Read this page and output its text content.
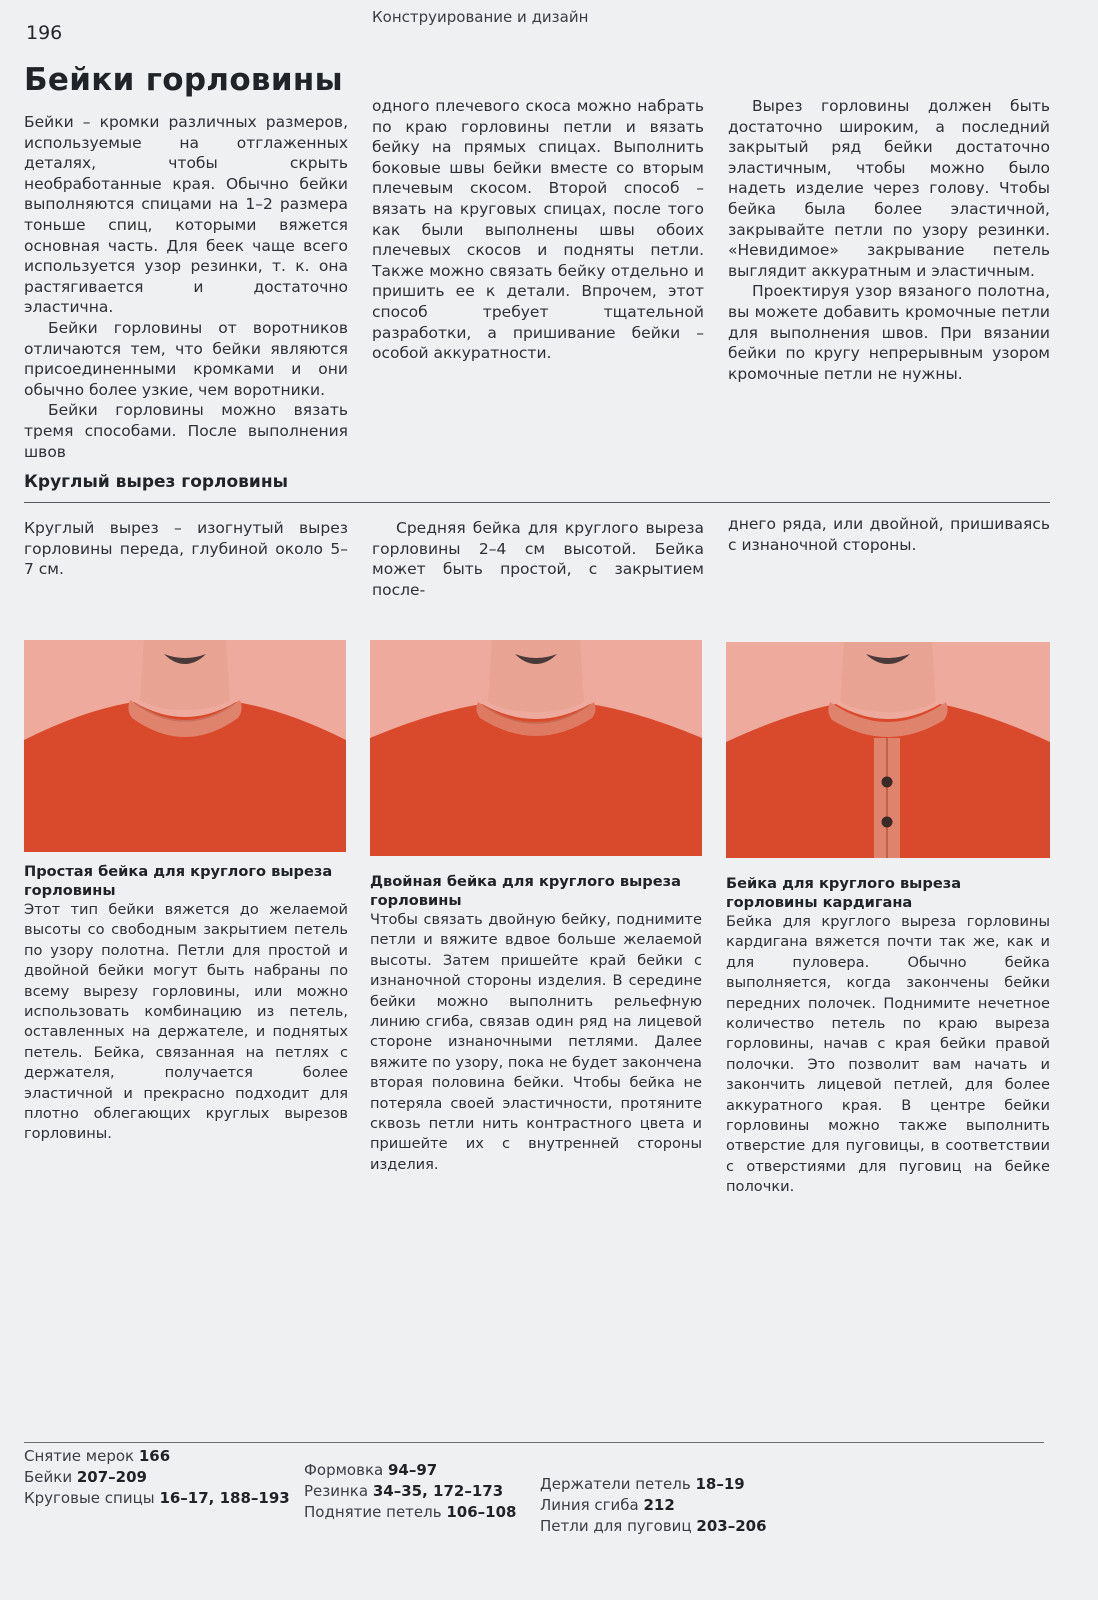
196
Конструирование и дизайн
Бейки горловины

Бейки – кромки различных размеров, используемые на отглаженных деталях, чтобы скрыть необработанные края. Обычно бейки выполняются спицами на 1–2 размера тоньше спиц, которыми вяжется основная часть. Для беек чаще всего используется узор резинки, т. к. она растягивается и достаточно эластична.

Бейки горловины от воротников отличаются тем, что бейки являются присоединенными кромками и они обычно более узкие, чем воротники.

Бейки горловины можно вязать тремя способами. После выполнения швов

одного плечевого скоса можно набрать по краю горловины петли и вязать бейку на прямых спицах. Выполнить боковые швы бейки вместе со вторым плечевым скосом. Второй способ – вязать на круговых спицах, после того как были выполнены швы обоих плечевых скосов и подняты петли. Также можно связать бейку отдельно и пришить ее к детали. Впрочем, этот способ требует тщательной разработки, а пришивание бейки – особой аккуратности.

Вырез горловины должен быть достаточно широким, а последний закрытый ряд бейки достаточно эластичным, чтобы можно было надеть изделие через голову. Чтобы бейка была более эластичной, закрывайте петли по узору резинки. «Невидимое» закрывание петель выглядит аккуратным и эластичным.

Проектируя узор вязаного полотна, вы можете добавить кромочные петли для выполнения швов. При вязании бейки по кругу непрерывным узором кромочные петли не нужны.

Круглый вырез горловины

Круглый вырез – изогнутый вырез горловины переда, глубиной около 5–7 см.

Средняя бейка для круглого выреза горловины 2–4 см высотой. Бейка может быть простой, с закрытием после-

днего ряда, или двойной, пришиваясь с изнаночной стороны.

Простая бейка для круглого выреза горловины

Этот тип бейки вяжется до желаемой высоты со свободным закрытием петель по узору полотна. Петли для простой и двойной бейки могут быть набраны по всему вырезу горловины, или можно использовать комбинацию из петель, оставленных на держателе, и поднятых петель. Бейка, связанная на петлях с держателя, получается более эластичной и прекрасно подходит для плотно облегающих круглых вырезов горловины.

Двойная бейка для круглого выреза горловины

Чтобы связать двойную бейку, поднимите петли и вяжите вдвое больше желаемой высоты. Затем пришейте край бейки с изнаночной стороны изделия. В середине бейки можно выполнить рельефную линию сгиба, связав один ряд на лицевой стороне изнаночными петлями. Далее вяжите по узору, пока не будет закончена вторая половина бейки. Чтобы бейка не потеряла своей эластичности, протяните сквозь петли нить контрастного цвета и пришейте их с внутренней стороны изделия.

Бейка для круглого выреза горловины кардигана

Бейка для круглого выреза горловины кардигана вяжется почти так же, как и для пуловера. Обычно бейка выполняется, когда закончены бейки передних полочек. Поднимите нечетное количество петель по краю выреза горловины, начав с края бейки правой полочки. Это позволит вам начать и закончить лицевой петлей, для более аккуратного края. В центре бейки горловины можно также выполнить отверстие для пуговицы, в соответствии с отверстиями для пуговиц на бейке полочки.

Снятие мерок 166
Бейки 207–209
Круговые спицы 16–17, 188–193
Формовка 94–97
Резинка 34–35, 172–173
Поднятие петель 106–108
Держатели петель 18–19
Линия сгиба 212
Петли для пуговиц 203–206
